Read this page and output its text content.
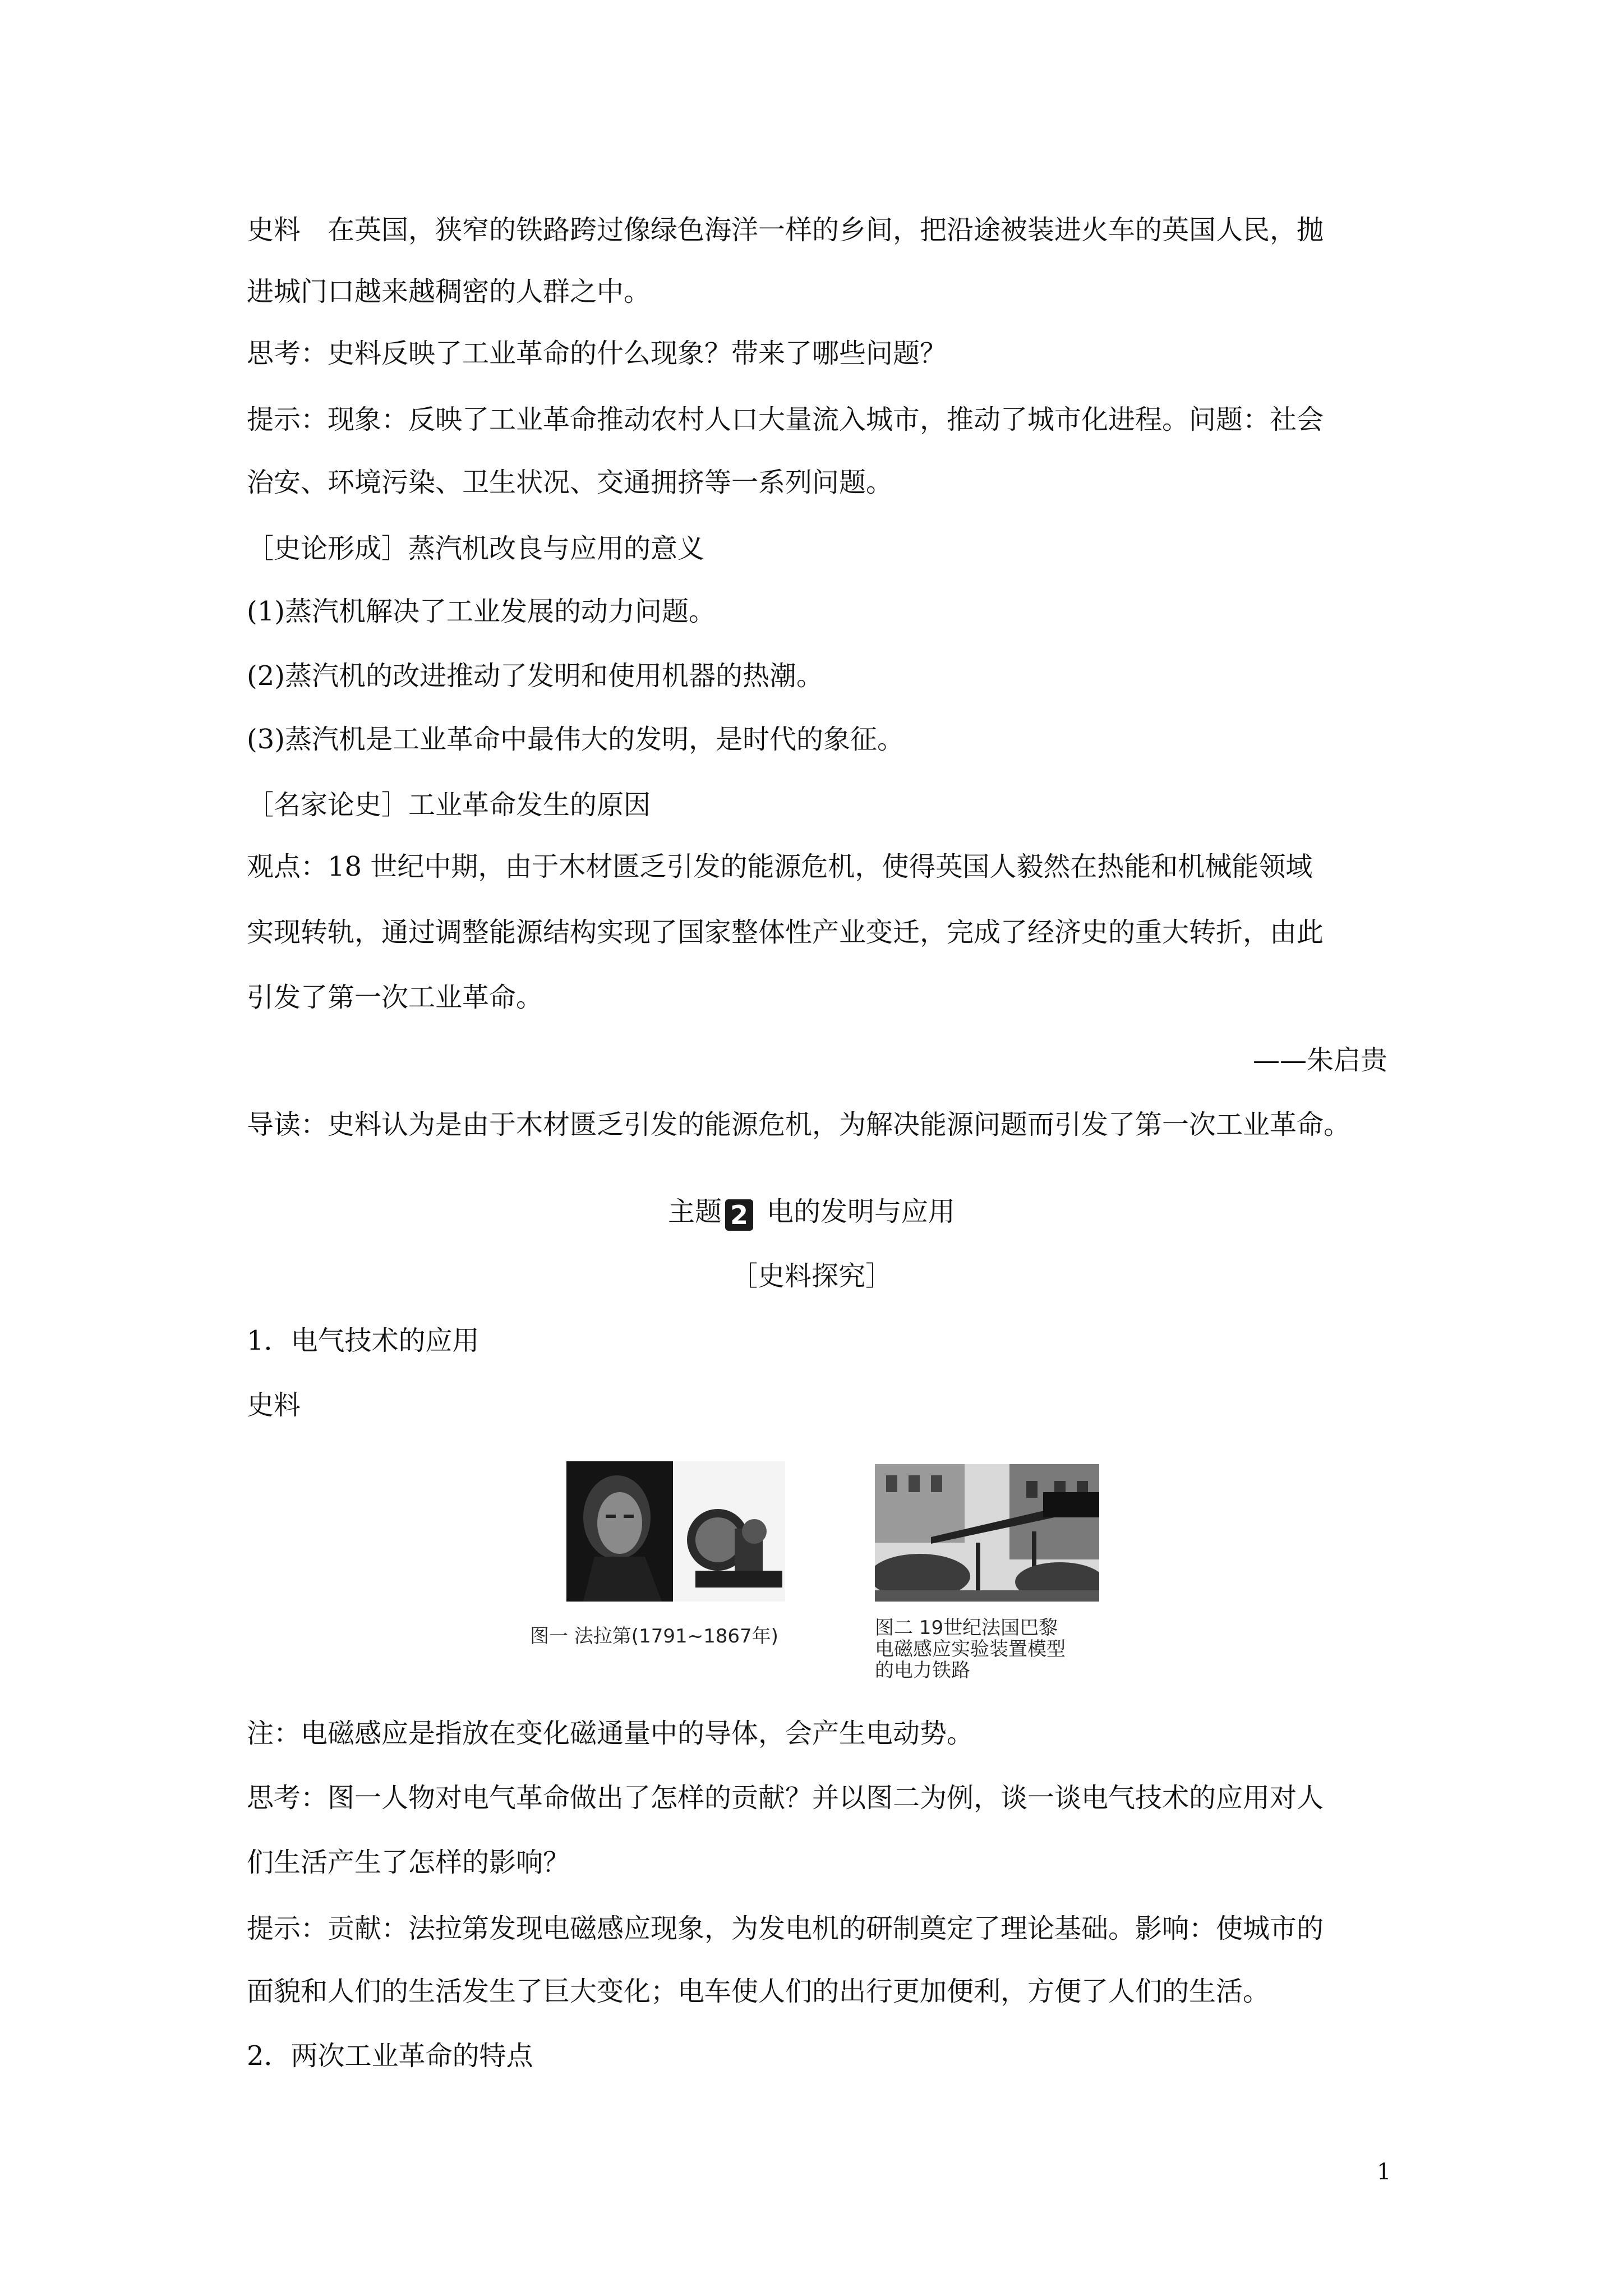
史料　在英国，狭窄的铁路跨过像绿色海洋一样的乡间，把沿途被装进火车的英国人民，抛
进城门口越来越稠密的人群之中。
思考：史料反映了工业革命的什么现象？带来了哪些问题？
提示：现象：反映了工业革命推动农村人口大量流入城市，推动了城市化进程。问题：社会
治安、环境污染、卫生状况、交通拥挤等一系列问题。
［史论形成］蒸汽机改良与应用的意义
(1)蒸汽机解决了工业发展的动力问题。
(2)蒸汽机的改进推动了发明和使用机器的热潮。
(3)蒸汽机是工业革命中最伟大的发明，是时代的象征。
［名家论史］工业革命发生的原因
观点：18 世纪中期，由于木材匮乏引发的能源危机，使得英国人毅然在热能和机械能领域
实现转轨，通过调整能源结构实现了国家整体性产业变迁，完成了经济史的重大转折，由此
引发了第一次工业革命。
——朱启贵
导读：史料认为是由于木材匮乏引发的能源危机，为解决能源问题而引发了第一次工业革命。
主题 2 电的发明与应用
［史料探究］
1．电气技术的应用
史料
图一 法拉第(1791~1867年)	图二 19世纪法国巴黎
电磁感应实验装置模型
的电力铁路
注：电磁感应是指放在变化磁通量中的导体，会产生电动势。
思考：图一人物对电气革命做出了怎样的贡献？并以图二为例，谈一谈电气技术的应用对人
们生活产生了怎样的影响？
提示：贡献：法拉第发现电磁感应现象，为发电机的研制奠定了理论基础。影响：使城市的
面貌和人们的生活发生了巨大变化；电车使人们的出行更加便利，方便了人们的生活。
2．两次工业革命的特点
1
